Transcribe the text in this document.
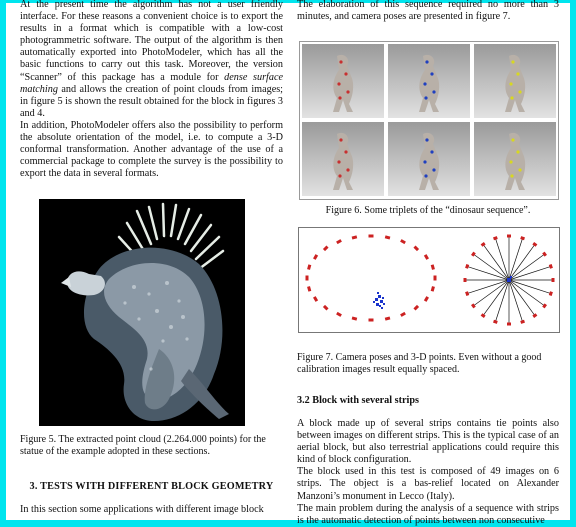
At the present time the algorithm has not a user friendly interface. For these reasons a convenient choice is to export the results in a format which is compatible with a low-cost photogrammetric software. The output of the algorithm is then automatically exported into PhotoModeler, which has all the basic functions to carry out this task. Moreover, the version “Scanner” of this package has a module for dense surface matching and allows the creation of point clouds from images; in figure 5 is shown the result obtained for the block in figures 3 and 4.

In addition, PhotoModeler offers also the possibility to perform the absolute orientation of the model, i.e. to compute a 3-D conformal transformation. Another advantage of the use of a commercial package to complete the survey is the possibility to export the data in several formats.

Figure 5. The extracted point cloud (2.264.000 points) for the statue of the example adopted in these sections.

3. TESTS WITH DIFFERENT BLOCK GEOMETRY

In this section some applications with different image block

The elaboration of this sequence required no more than 3 minutes, and camera poses are presented in figure 7.

Figure 6. Some triplets of the “dinosaur sequence”.

Figure 7. Camera poses and 3-D points. Even without a good calibration images result equally spaced.

3.2 Block with several strips

A block made up of several strips contains tie points also between images on different strips. This is the typical case of an aerial block, but also terrestrial applications could require this kind of block configuration.

The block used in this test is composed of 49 images on 6 strips. The object is a bas-relief located on Alexander Manzoni’s monument in Lecco (Italy).

The main problem during the analysis of a sequence with strips is the automatic detection of points between non consecutive
